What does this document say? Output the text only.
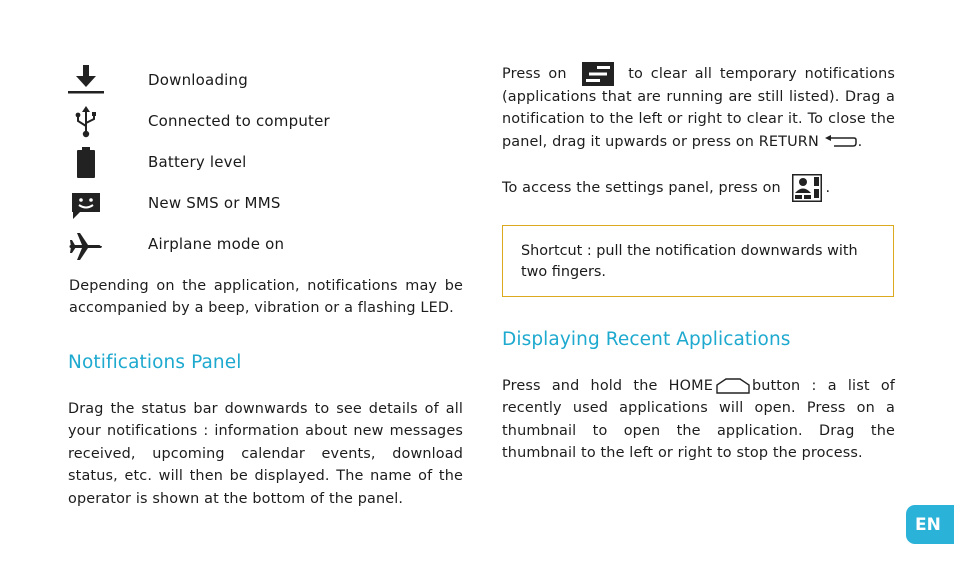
Downloading
Connected to computer
Battery level
New SMS or MMS
Airplane mode on
Depending on the application, notifications may be accompanied by a beep, vibration or a flashing LED.
Notifications Panel
Drag the status bar downwards to see details of all your notifications : information about new messages received, upcoming calendar events, download status, etc. will then be displayed. The name of the operator is shown at the bottom of the panel.
Press on	to clear all temporary notifications (applications that are running are still listed). Drag a notification to the left or right to clear it. To close the panel, drag it upwards or press on RETURN	.
To access the settings panel, press on	.
Shortcut : pull the notification downwards with two fingers.
Displaying Recent Applications
Press and hold the HOME	button : a list of recently used applications will open. Press on a thumbnail to open the application. Drag the thumbnail to the left or right to stop the process.
EN
